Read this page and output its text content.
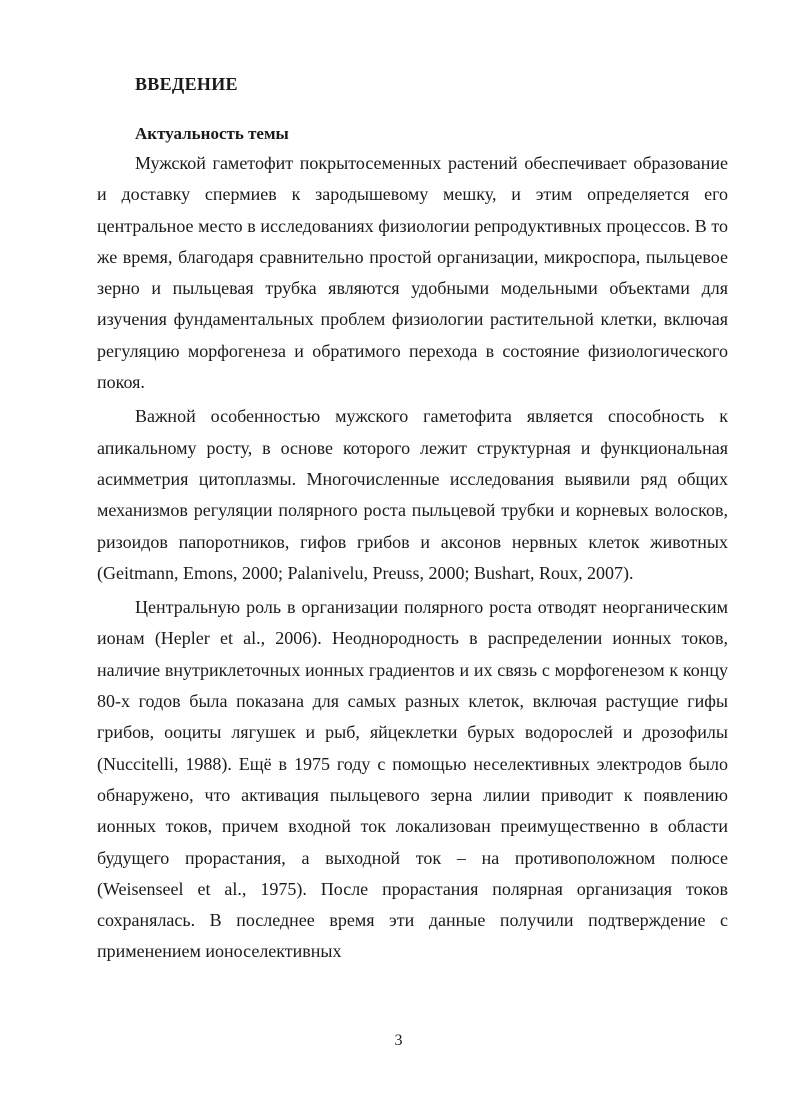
ВВЕДЕНИЕ
Актуальность темы

Мужской гаметофит покрытосеменных растений обеспечивает образование и доставку спермиев к зародышевому мешку, и этим определяется его центральное место в исследованиях физиологии репродуктивных процессов. В то же время, благодаря сравнительно простой организации, микроспора, пыльцевое зерно и пыльцевая трубка являются удобными модельными объектами для изучения фундаментальных проблем физиологии растительной клетки, включая регуляцию морфогенеза и обратимого перехода в состояние физиологического покоя.

Важной особенностью мужского гаметофита является способность к апикальному росту, в основе которого лежит структурная и функциональная асимметрия цитоплазмы. Многочисленные исследования выявили ряд общих механизмов регуляции полярного роста пыльцевой трубки и корневых волосков, ризоидов папоротников, гифов грибов и аксонов нервных клеток животных (Geitmann, Emons, 2000; Palanivelu, Preuss, 2000; Bushart, Roux, 2007).

Центральную роль в организации полярного роста отводят неорганическим ионам (Hepler et al., 2006). Неоднородность в распределении ионных токов, наличие внутриклеточных ионных градиентов и их связь с морфогенезом к концу 80-х годов была показана для самых разных клеток, включая растущие гифы грибов, ооциты лягушек и рыб, яйцеклетки бурых водорослей и дрозофилы (Nuccitelli, 1988). Ещё в 1975 году с помощью неселективных электродов было обнаружено, что активация пыльцевого зерна лилии приводит к появлению ионных токов, причем входной ток локализован преимущественно в области будущего прорастания, а выходной ток – на противоположном полюсе (Weisenseel et al., 1975). После прорастания полярная организация токов сохранялась. В последнее время эти данные получили подтверждение с применением ионоселективных

3
